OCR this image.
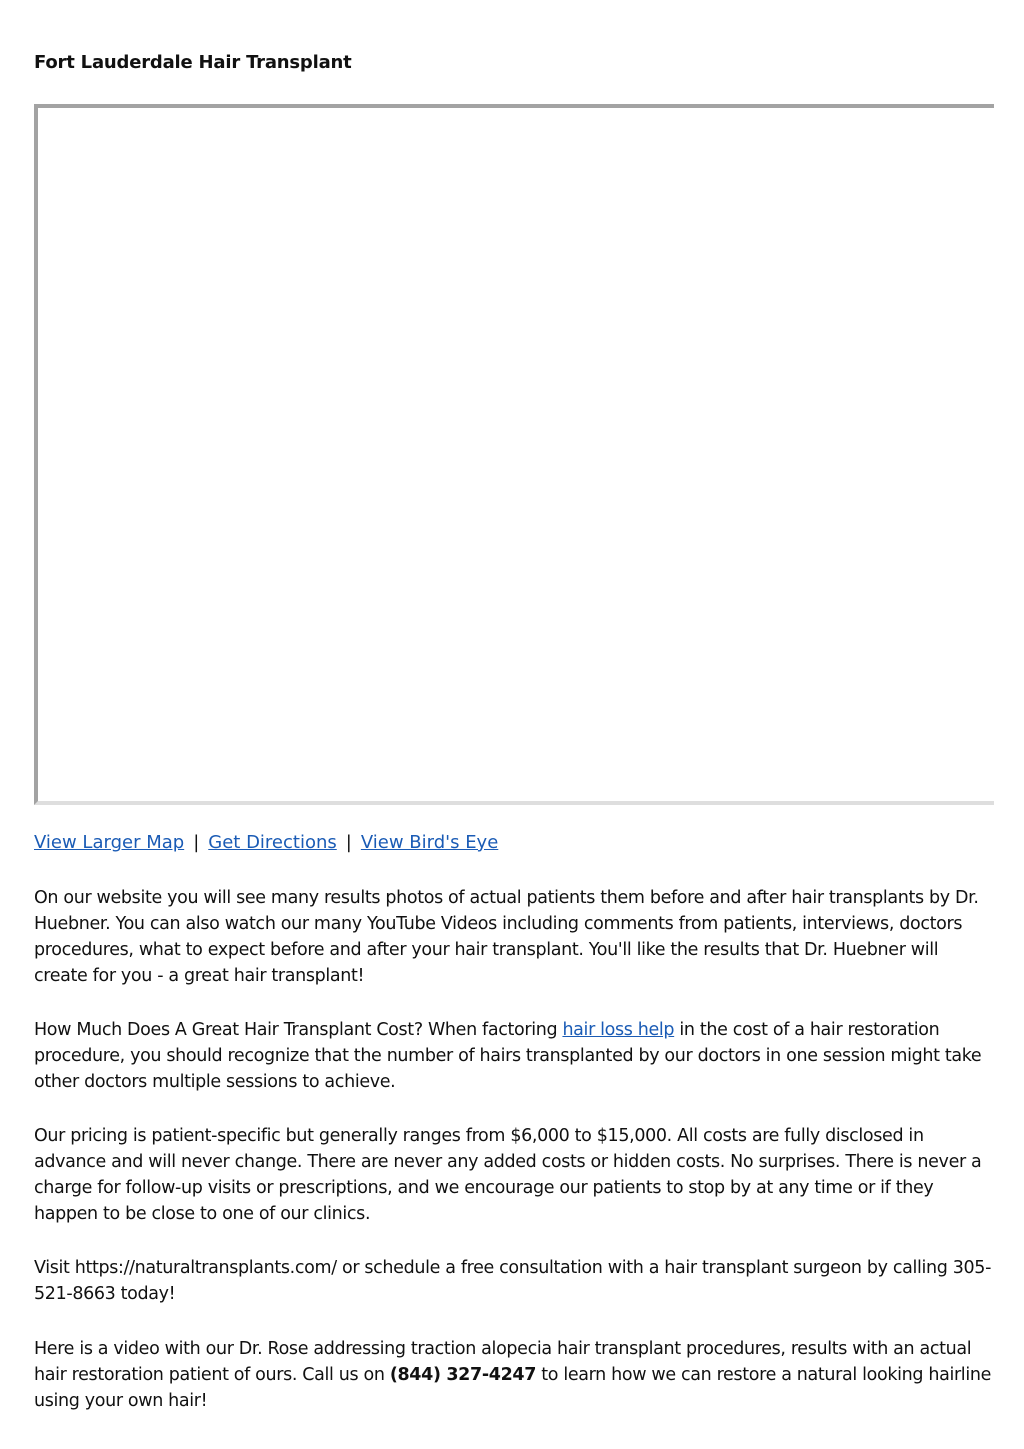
Fort Lauderdale Hair Transplant
View Larger Map | Get Directions | View Bird's Eye

On our website you will see many results photos of actual patients them before and after hair transplants by Dr. Huebner. You can also watch our many YouTube Videos including comments from patients, interviews, doctors procedures, what to expect before and after your hair transplant. You'll like the results that Dr. Huebner will create for you - a great hair transplant!

How Much Does A Great Hair Transplant Cost? When factoring hair loss help in the cost of a hair restoration procedure, you should recognize that the number of hairs transplanted by our doctors in one session might take other doctors multiple sessions to achieve.

Our pricing is patient-specific but generally ranges from $6,000 to $15,000. All costs are fully disclosed in advance and will never change. There are never any added costs or hidden costs. No surprises. There is never a charge for follow-up visits or prescriptions, and we encourage our patients to stop by at any time or if they happen to be close to one of our clinics.

Visit https://naturaltransplants.com/ or schedule a free consultation with a hair transplant surgeon by calling 305-521-8663 today!

Here is a video with our Dr. Rose addressing traction alopecia hair transplant procedures, results with an actual hair restoration patient of ours. Call us on (844) 327-4247 to learn how we can restore a natural looking hairline using your own hair!
